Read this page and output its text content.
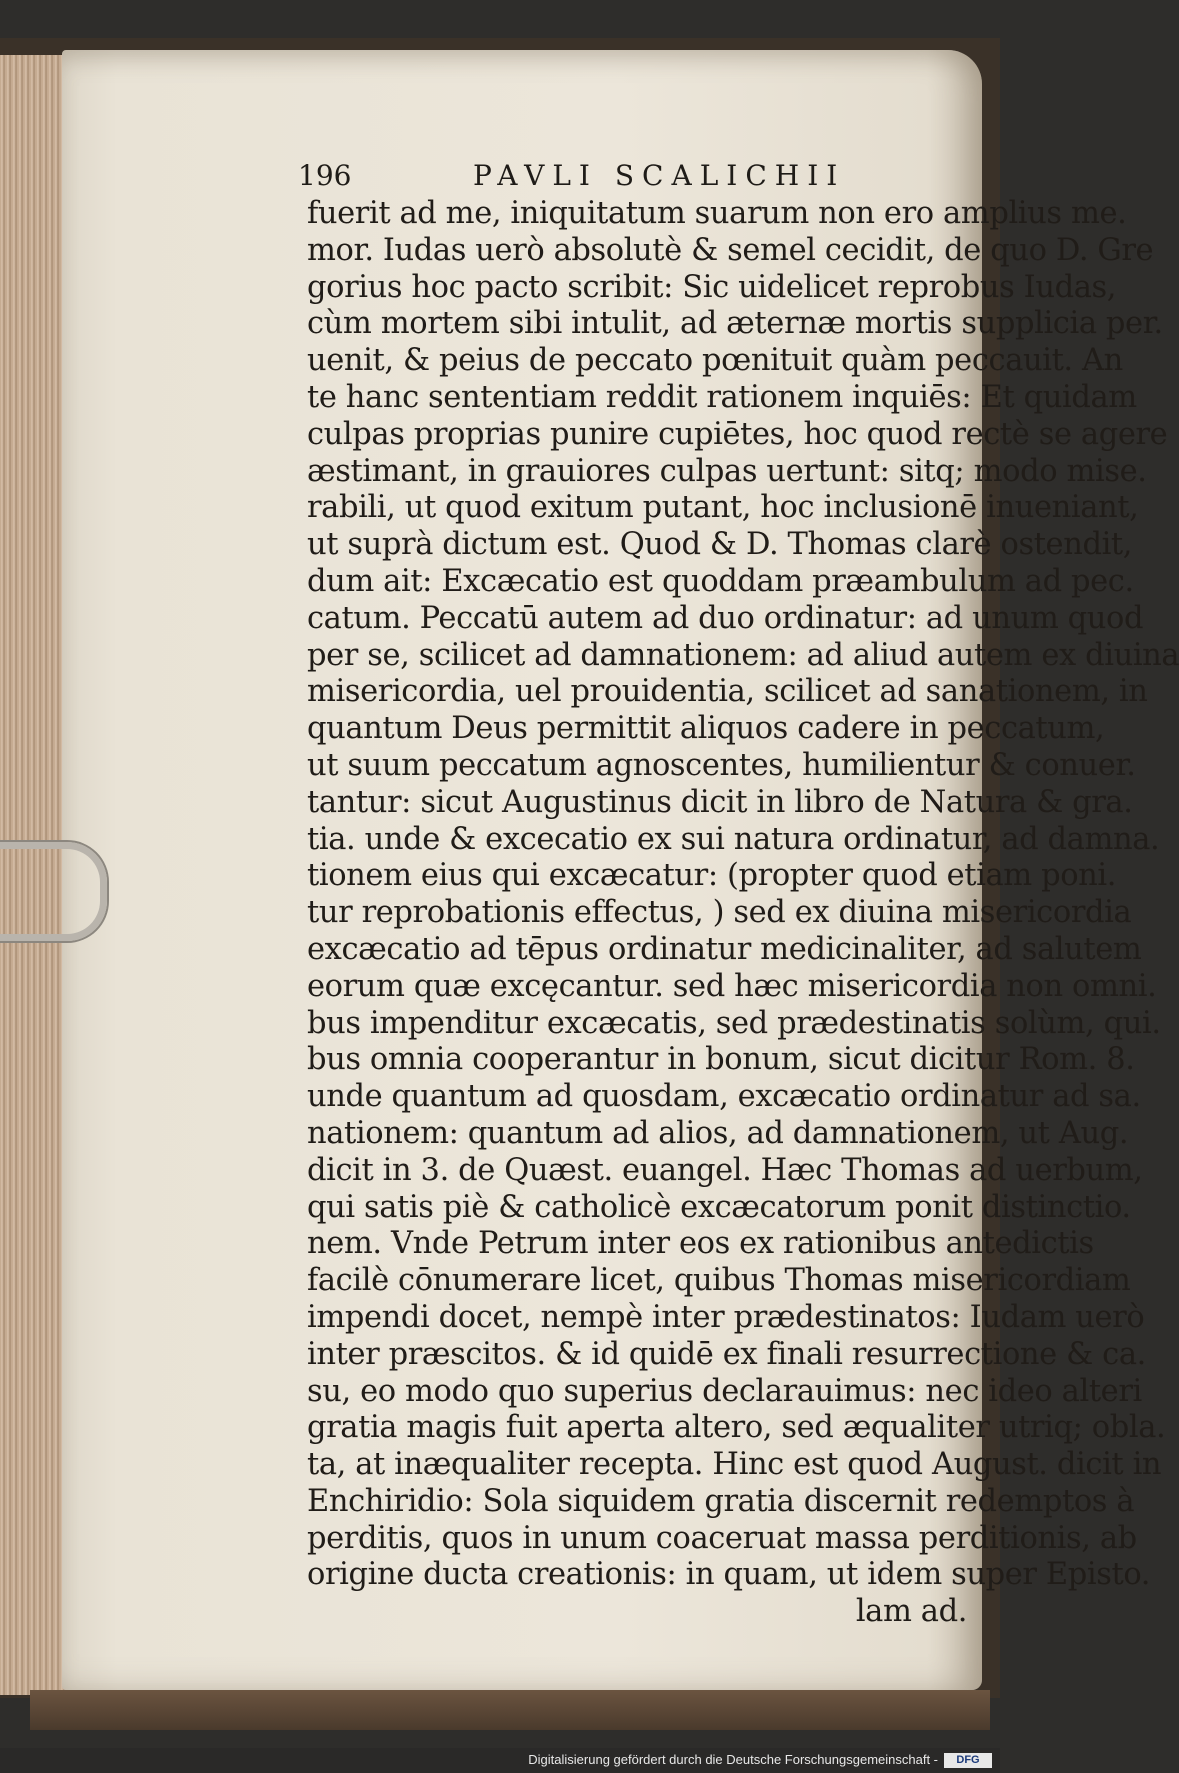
196	PAVLI SCALICHII
fuerit ad me, iniquitatum suarum non ero amplius me.
mor. Iudas uerò absolutè & semel cecidit, de quo D. Gre
gorius hoc pacto scribit: Sic uidelicet reprobus Iudas,
cùm mortem sibi intulit, ad æternæ mortis supplicia per.
uenit, & peius de peccato pœnituit quàm peccauit. An
te hanc sententiam reddit rationem inquiēs: Et quidam
culpas proprias punire cupiētes, hoc quod rectè se agere
æstimant, in grauiores culpas uertunt: sitq; modo mise.
rabili, ut quod exitum putant, hoc inclusionē inueniant,
ut suprà dictum est. Quod & D. Thomas clarè ostendit,
dum ait: Excæcatio est quoddam præambulum ad pec.
catum. Peccatū autem ad duo ordinatur: ad unum quod
per se, scilicet ad damnationem: ad aliud autem ex diuina
misericordia, uel prouidentia, scilicet ad sanationem, in
quantum Deus permittit aliquos cadere in peccatum,
ut suum peccatum agnoscentes, humilientur & conuer.
tantur: sicut Augustinus dicit in libro de Natura & gra.
tia. unde & excecatio ex sui natura ordinatur, ad damna.
tionem eius qui excæcatur: (propter quod etiam poni.
tur reprobationis effectus, ) sed ex diuina misericordia
excæcatio ad tēpus ordinatur medicinaliter, ad salutem
eorum quæ excęcantur. sed hæc misericordia non omni.
bus impenditur excæcatis, sed prædestinatis solùm, qui.
bus omnia cooperantur in bonum, sicut dicitur Rom. 8.
unde quantum ad quosdam, excæcatio ordinatur ad sa.
nationem: quantum ad alios, ad damnationem, ut Aug.
dicit in 3. de Quæst. euangel. Hæc Thomas ad uerbum,
qui satis piè & catholicè excæcatorum ponit distinctio.
nem. Vnde Petrum inter eos ex rationibus antedictis
facilè cōnumerare licet, quibus Thomas misericordiam
impendi docet, nempè inter prædestinatos: Iudam uerò
inter præscitos. & id quidē ex finali resurrectione & ca.
su, eo modo quo superius declarauimus: nec ideo alteri
gratia magis fuit aperta altero, sed æqualiter utriq; obla.
ta, at inæqualiter recepta. Hinc est quod August. dicit in
Enchiridio: Sola siquidem gratia discernit redemptos à
perditis, quos in unum coaceruat massa perditionis, ab
origine ducta creationis: in quam, ut idem super Episto.
lam ad.
Digitalisierung gefördert durch die Deutsche Forschungsgemeinschaft -	DFG
